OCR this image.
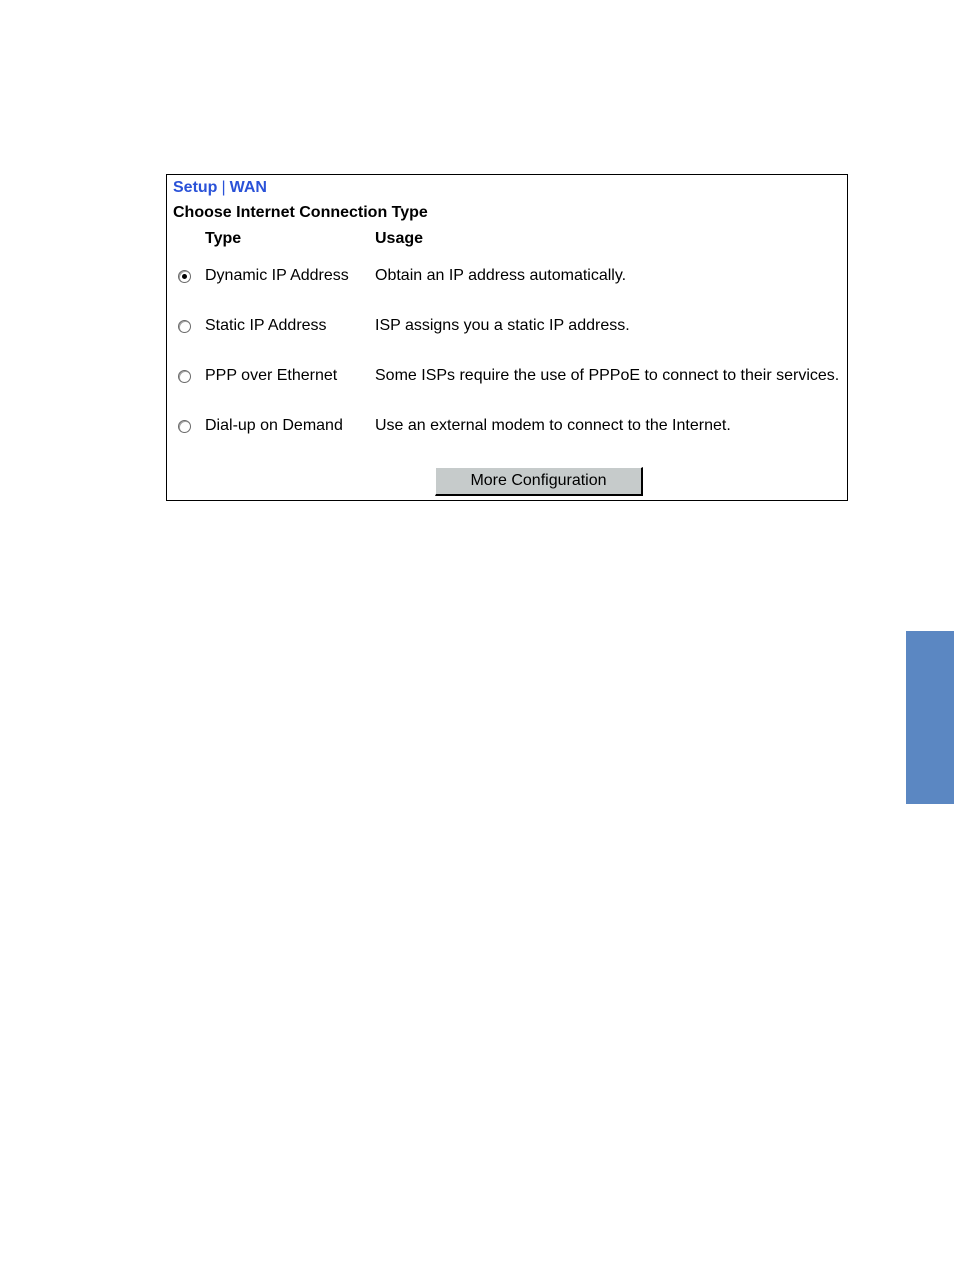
Setup | WAN
Choose Internet Connection Type
Type	Usage
Dynamic IP Address Obtain an IP address automatically.
Static IP Address	ISP assigns you a static IP address.
PPP over Ethernet Some ISPs require the use of PPPoE to connect to their services.
Dial-up on Demand Use an external modem to connect to the Internet.
More Configuration
